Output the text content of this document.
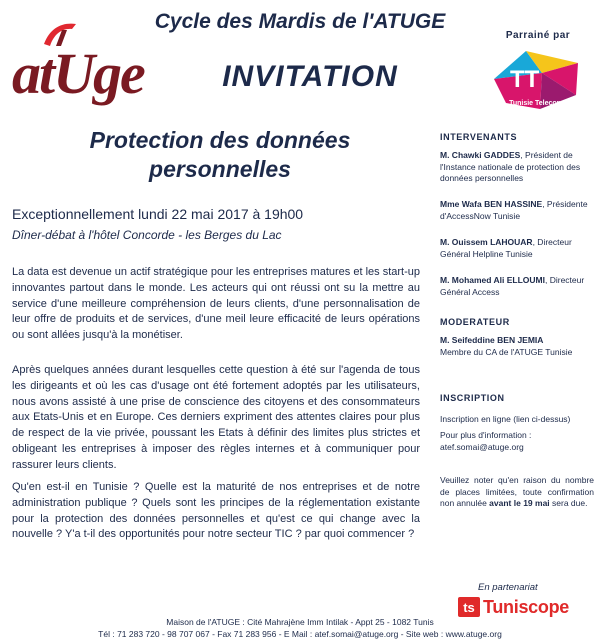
atUge
Cycle des Mardis de l'ATUGE
INVITATION
Parrainé par
TT
Tunisie Telecom
Protection des données personnelles
Exceptionnellement lundi 22 mai 2017 à 19h00
Dîner-débat à l'hôtel Concorde - les Berges du Lac

La data est devenue un actif stratégique pour les entreprises matures et les start-up innovantes partout dans le monde. Les acteurs qui ont réussi ont su la mettre au service d'une meilleure compréhension de leurs clients, d'une personnalisation de leur offre de produits et de services, d'une meil leure efficacité de leurs opérations ou sont allées jusqu'à la monétiser.

Après quelques années durant lesquelles cette question à été sur l'agenda de tous les dirigeants et où les cas d'usage ont été fortement adoptés par les utilisateurs, nous avons assisté à une prise de conscience des citoyens et des consommateurs aux Etats-Unis et en Europe. Ces derniers expriment des attentes claires pour plus de respect de la vie privée, poussant les Etats à définir des limites plus strictes et obligeant les entreprises à imposer des règles internes et à communiquer pour rassurer leurs clients.

Qu'en est-il en Tunisie ? Quelle est la maturité de nos entreprises et de notre administration publique ? Quels sont les principes de la réglementation existante pour la protection des données personnelles et qu'est ce qui change avec la nouvelle ? Y'a t-il des opportunités pour notre secteur TIC ? par quoi commencer ?

INTERVENANTS
M. Chawki GADDES, Président de l'Instance nationale de protection des données personnelles
Mme Wafa BEN HASSINE, Présidente d'AccessNow Tunisie
M. Ouissem LAHOUAR, Directeur Général Helpline Tunisie
M. Mohamed Ali ELLOUMI, Directeur Général Access
MODERATEUR
M. Seifeddine BEN JEMIA
Membre du CA de l'ATUGE Tunisie
INSCRIPTION
Inscription en ligne (lien ci-dessus)
Pour plus d'information :
atef.somai@atuge.org
Veuillez noter qu'en raison du nombre de places limitées, toute confirmation non annulée avant le 19 mai sera due.
En partenariat
ts Tuniscope
Maison de l'ATUGE : Cité Mahrajène Imm Intilak - Appt 25 - 1082 Tunis
Tél : 71 283 720 - 98 707 067 - Fax 71 283 956 - E Mail : atef.somai@atuge.org - Site web : www.atuge.org
